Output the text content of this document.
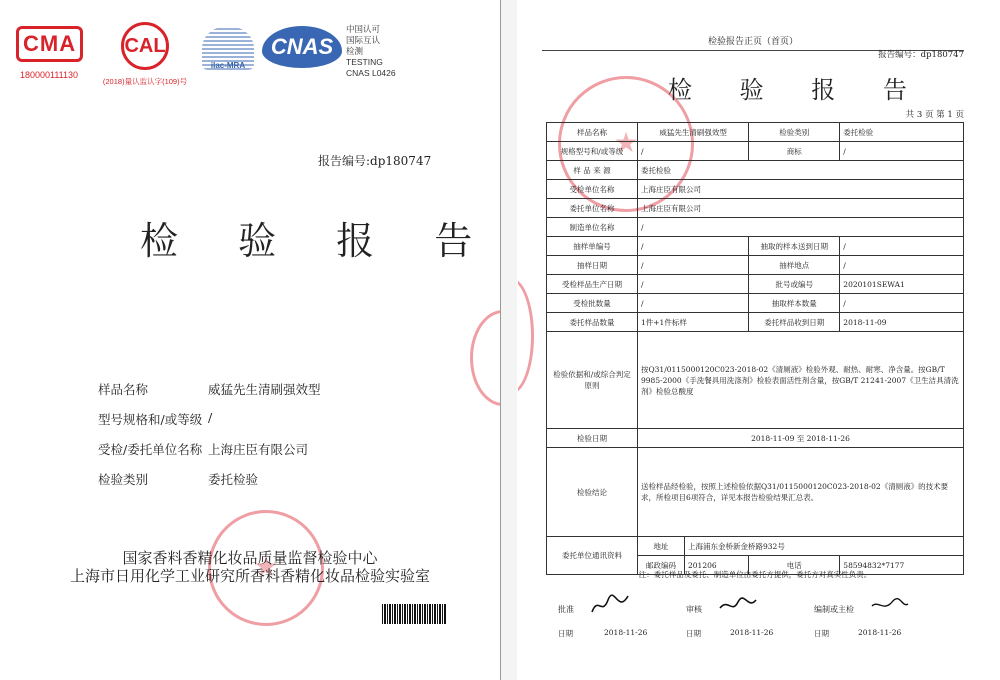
CMA
180000111130
CAL
(2018)量认监认字(109)号
ilac-MRA
CNAS
中国认可
国际互认
检测
TESTING
CNAS L0426
报告编号:dp180747
检 验 报 告
样品名称	威猛先生清刷强效型
型号规格和/或等级 /
受检/委托单位名称 上海庄臣有限公司
检验类别	委托检验
★
国家香料香精化妆品质量监督检验中心
上海市日用化学工业研究所香料香精化妆品检验实验室
检验报告正页（首页）
报告编号：dp180747
★
检 验 报 告
共 3 页 第 1 页
样品名称	威猛先生清刷强效型		检验类别	委托检验
规格型号和/或等级	/		商标	/
样 品 来 源	委托检验			
受检单位名称	上海庄臣有限公司			
委托单位名称	上海庄臣有限公司			
制造单位名称	/			
抽样单编号	/		抽取的样本送到日期	/
抽样日期	/		抽样地点	/
受检样品生产日期	/		批号或编号	2020101SEWA1
受检批数量	/		抽取样本数量	/
委托样品数量	1件+1件标样		委托样品收到日期	2018-11-09
检验依据和/或综合判定原则	按Q31/0115000120C023-2018-02《清厕液》检验外观、耐热、耐寒、净含量。按GB/T 9985-2000《手洗餐具用洗涤剂》检验表面活性剂含量，按GB/T 21241-2007《卫生洁具清洗剂》检验总酸度			
检验日期	2018-11-09 至 2018-11-26			
检验结论	送检样品经检验，按照上述检验依据Q31/0115000120C023-2018-02《清厕液》的技术要求，所检项目6项符合，详见本报告检验结果汇总表。			
委托单位通讯资料	地址	上海浦东金桥新金桥路932号		
	邮政编码	201206	电话	58594832*7177
注：委托样品及委托、制造单位由委托方提供，委托方对真实性负责。
批准	审核	编制或主检
日期	2018-11-26	日期	2018-11-26	日期	2018-11-26
